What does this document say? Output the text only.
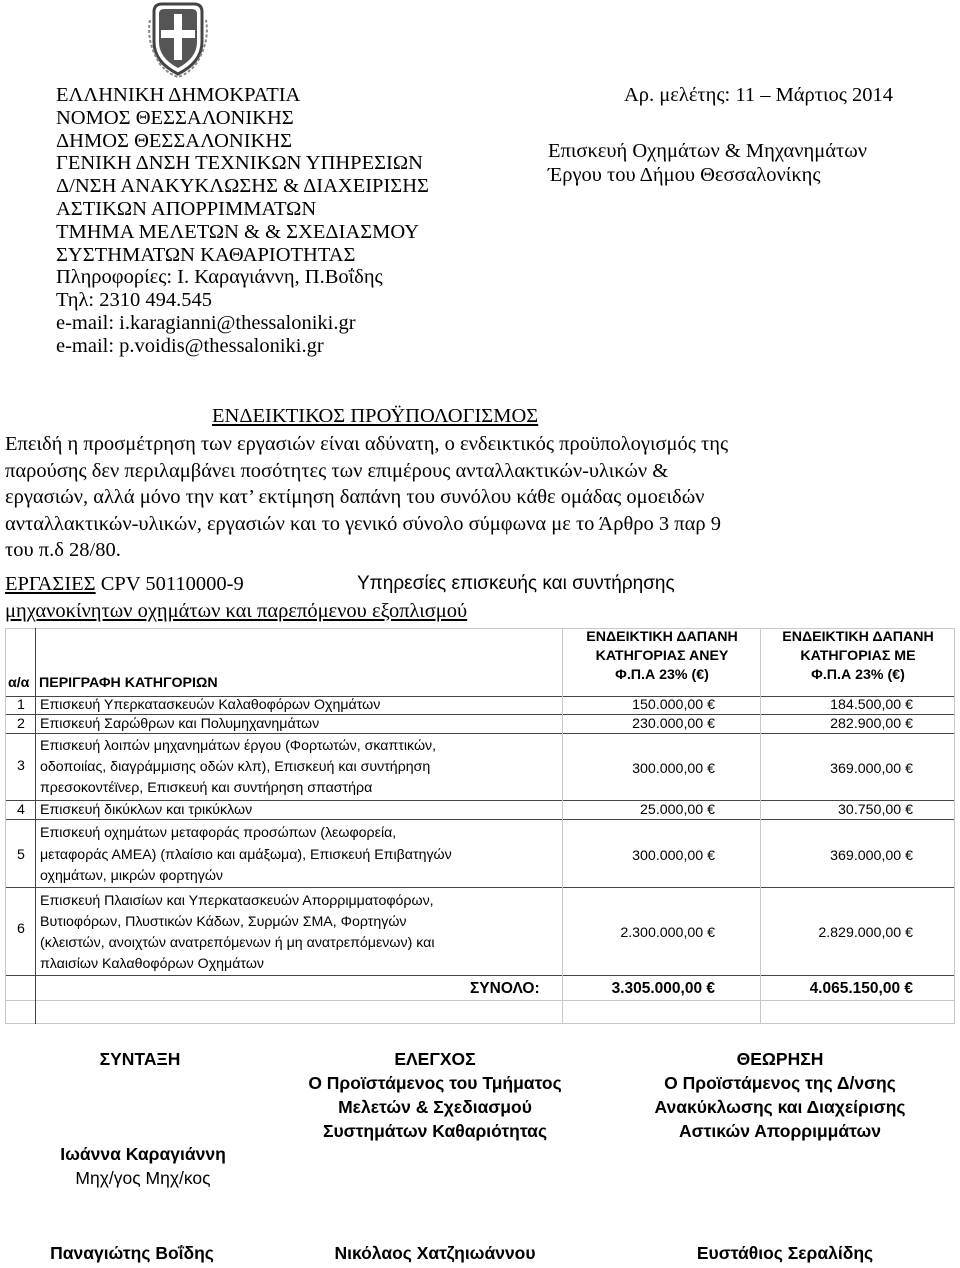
ΕΛΛΗΝΙΚΗ ΔΗΜΟΚΡΑΤΙΑ
ΝΟΜΟΣ ΘΕΣΣΑΛΟΝΙΚΗΣ
ΔΗΜΟΣ ΘΕΣΣΑΛΟΝΙΚΗΣ
ΓΕΝΙΚΗ ΔΝΣΗ ΤΕΧΝΙΚΩΝ ΥΠΗΡΕΣΙΩΝ
Δ/ΝΣΗ ΑΝΑΚΥΚΛΩΣΗΣ & ΔΙΑΧΕΙΡΙΣΗΣ
ΑΣΤΙΚΩΝ ΑΠΟΡΡΙΜΜΑΤΩΝ
ΤΜΗΜΑ ΜΕΛΕΤΩΝ & & ΣΧΕΔΙΑΣΜΟΥ
ΣΥΣΤΗΜΑΤΩΝ ΚΑΘΑΡΙΟΤΗΤΑΣ
Πληροφορίες: Ι. Καραγιάννη, Π.Βοΐδης
Τηλ: 2310 494.545
e-mail: i.karagianni@thessaloniki.gr
e-mail: p.voidis@thessaloniki.gr
Αρ. μελέτης: 11 – Μάρτιος 2014
Επισκευή Οχημάτων & Μηχανημάτων
Έργου του Δήμου Θεσσαλονίκης
ΕΝΔΕΙΚΤΙΚΟΣ ΠΡΟΫΠΟΛΟΓΙΣΜΟΣ
Επειδή η προσμέτρηση των εργασιών είναι αδύνατη, ο ενδεικτικός προϋπολογισμός της
παρούσης δεν περιλαμβάνει ποσότητες των επιμέρους ανταλλακτικών-υλικών &
εργασιών, αλλά μόνο την κατ’ εκτίμηση δαπάνη του συνόλου κάθε ομάδας ομοειδών
ανταλλακτικών-υλικών, εργασιών και το γενικό σύνολο σύμφωνα με το Άρθρο 3 παρ 9
του π.δ 28/80.
ΕΡΓΑΣΙΕΣ CPV 50110000-9	Υπηρεσίες επισκευής και συντήρησης
μηχανοκίνητων οχημάτων και παρεπόμενου εξοπλισμού
α/α ΠΕΡΙΓΡΑΦΗ ΚΑΤΗΓΟΡΙΩΝ
ΕΝΔΕΙΚΤΙΚΗ ΔΑΠΑΝΗ
ΚΑΤΗΓΟΡΙΑΣ ΑΝΕΥ
Φ.Π.Α 23% (€)
ΕΝΔΕΙΚΤΙΚΗ ΔΑΠΑΝΗ
ΚΑΤΗΓΟΡΙΑΣ ΜΕ
Φ.Π.Α 23% (€)
1 Επισκευή Υπερκατασκευών Καλαθοφόρων Οχημάτων	150.000,00 €	184.500,00 €
2 Επισκευή Σαρώθρων και Πολυμηχανημάτων	230.000,00 €	282.900,00 €
3
Επισκευή λοιπών μηχανημάτων έργου (Φορτωτών, σκαπτικών,
οδοποιίας, διαγράμμισης οδών κλπ), Επισκευή και συντήρηση
πρεσοκοντέϊνερ, Επισκευή και συντήρηση σπαστήρα
300.000,00 €	369.000,00 €
4 Επισκευή δικύκλων και τρικύκλων	25.000,00 €	30.750,00 €
5
Επισκευή οχημάτων μεταφοράς προσώπων (λεωφορεία,
μεταφοράς ΑΜΕΑ) (πλαίσιο και αμάξωμα), Επισκευή Επιβατηγών
οχημάτων, μικρών φορτηγών
300.000,00 €	369.000,00 €
6
Επισκευή Πλαισίων και Υπερκατασκευών Απορριμματοφόρων,
Βυτιοφόρων, Πλυστικών Κάδων, Συρμών ΣΜΑ, Φορτηγών
(κλειστών, ανοιχτών ανατρεπόμενων ή μη ανατρεπόμενων) και
πλαισίων Καλαθοφόρων Οχημάτων
2.300.000,00 €	2.829.000,00 €
ΣΥΝΟΛΟ:	3.305.000,00 €	4.065.150,00 €
ΣΥΝΤΑΞΗ
Ιωάννα Καραγιάννη
Μηχ/γος Μηχ/κος
Παναγιώτης Βοΐδης
ΕΛΕΓΧΟΣ
Ο Προϊστάμενος του Τμήματος
Μελετών & Σχεδιασμού
Συστημάτων Καθαριότητας
Νικόλαος Χατζηιωάννου
ΘΕΩΡΗΣΗ
Ο Προϊστάμενος της Δ/νσης
Ανακύκλωσης και Διαχείρισης
Αστικών Απορριμμάτων
Ευστάθιος Σεραλίδης
